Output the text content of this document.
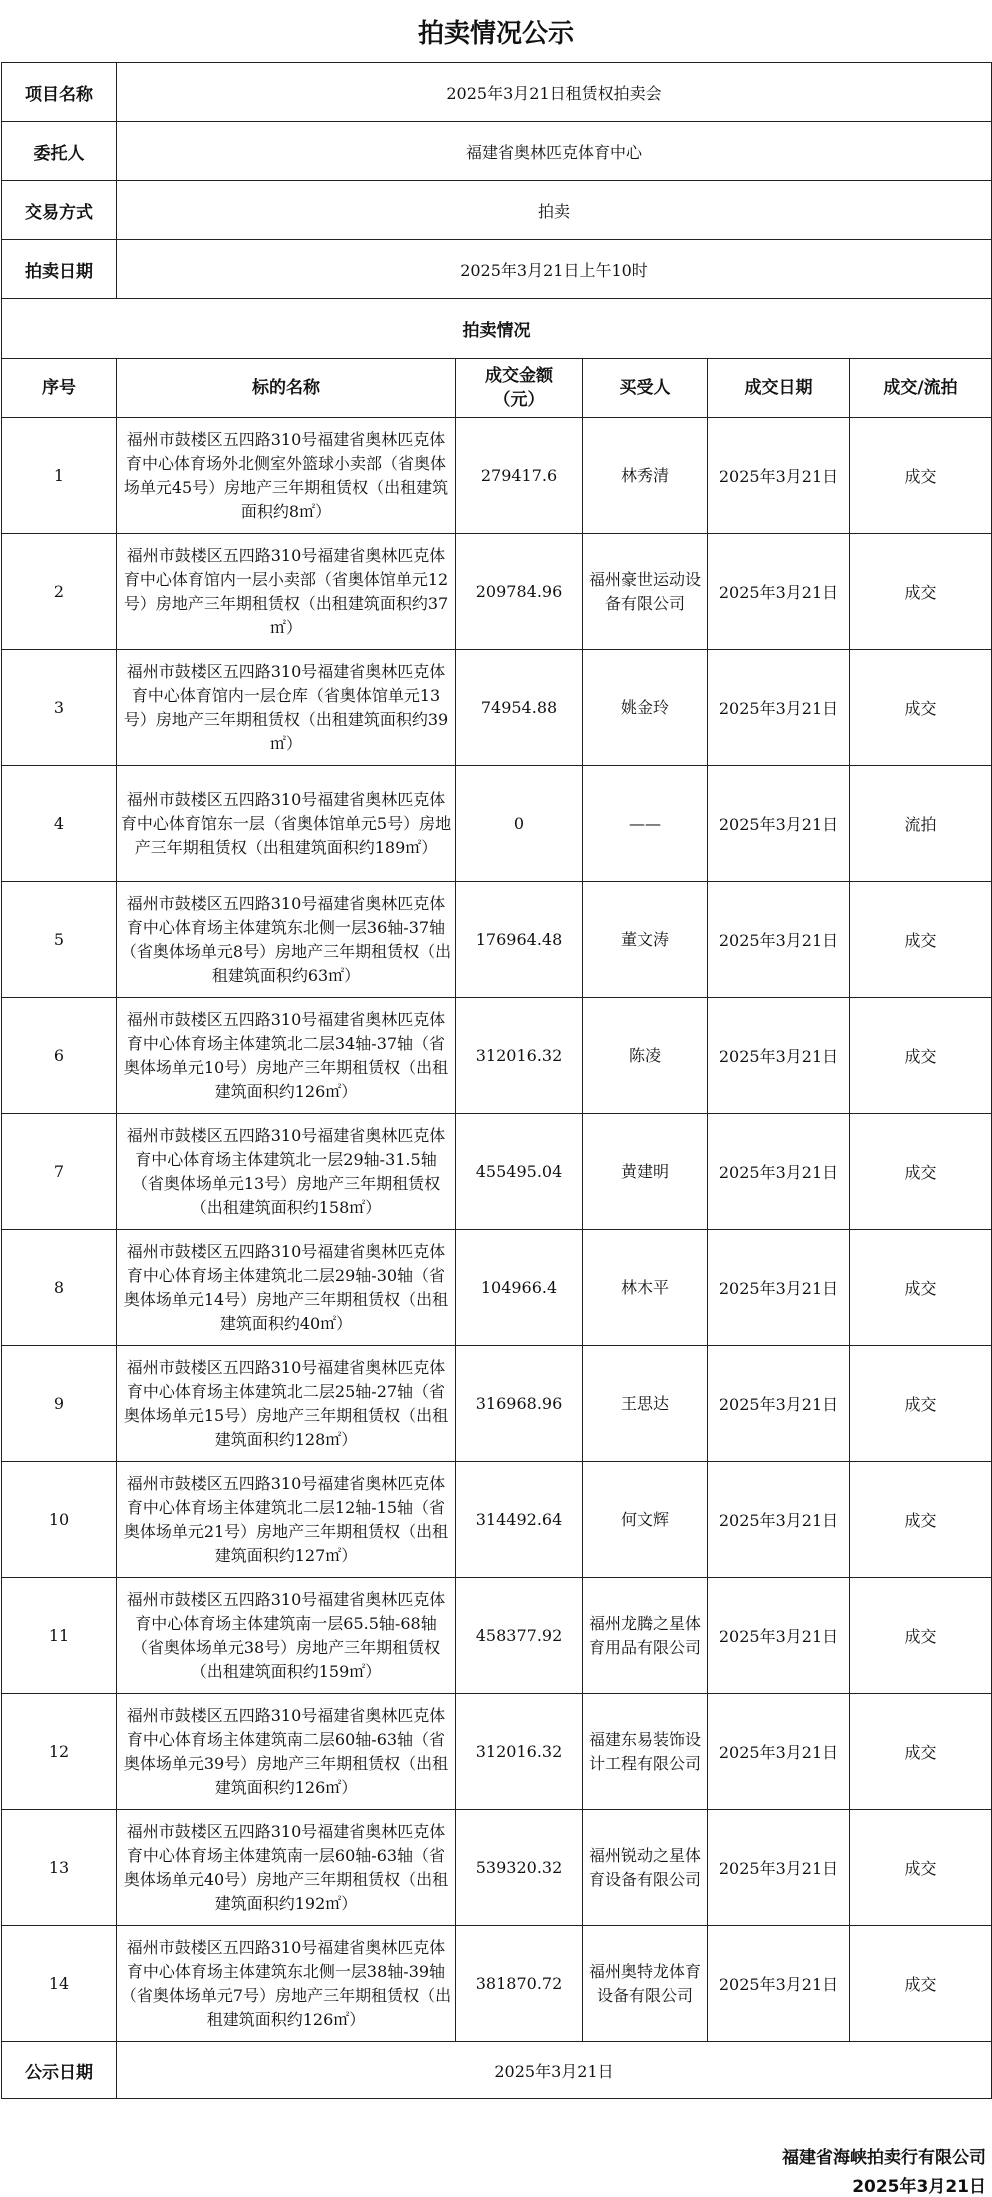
拍卖情况公示
项目名称	2025年3月21日租赁权拍卖会				
委托人	福建省奥林匹克体育中心				
交易方式	拍卖				
拍卖日期	2025年3月21日上午10时				
拍卖情况					
序号	标的名称	成交金额（元）	买受人	成交日期	成交/流拍
1	福州市鼓楼区五四路310号福建省奥林匹克体育中心体育场外北侧室外篮球小卖部（省奥体场单元45号）房地产三年期租赁权（出租建筑面积约8㎡）	279417.6	林秀清	2025年3月21日	成交
2	福州市鼓楼区五四路310号福建省奥林匹克体育中心体育馆内一层小卖部（省奥体馆单元12号）房地产三年期租赁权（出租建筑面积约37㎡）	209784.96	福州豪世运动设备有限公司	2025年3月21日	成交
3	福州市鼓楼区五四路310号福建省奥林匹克体育中心体育馆内一层仓库（省奥体馆单元13号）房地产三年期租赁权（出租建筑面积约39㎡）	74954.88	姚金玲	2025年3月21日	成交
4	福州市鼓楼区五四路310号福建省奥林匹克体育中心体育馆东一层（省奥体馆单元5号）房地产三年期租赁权（出租建筑面积约189㎡）	0	——	2025年3月21日	流拍
5	福州市鼓楼区五四路310号福建省奥林匹克体育中心体育场主体建筑东北侧一层36轴-37轴（省奥体场单元8号）房地产三年期租赁权（出租建筑面积约63㎡）	176964.48	董文涛	2025年3月21日	成交
6	福州市鼓楼区五四路310号福建省奥林匹克体育中心体育场主体建筑北二层34轴-37轴（省奥体场单元10号）房地产三年期租赁权（出租建筑面积约126㎡）	312016.32	陈凌	2025年3月21日	成交
7	福州市鼓楼区五四路310号福建省奥林匹克体育中心体育场主体建筑北一层29轴-31.5轴（省奥体场单元13号）房地产三年期租赁权（出租建筑面积约158㎡）	455495.04	黄建明	2025年3月21日	成交
8	福州市鼓楼区五四路310号福建省奥林匹克体育中心体育场主体建筑北二层29轴-30轴（省奥体场单元14号）房地产三年期租赁权（出租建筑面积约40㎡）	104966.4	林木平	2025年3月21日	成交
9	福州市鼓楼区五四路310号福建省奥林匹克体育中心体育场主体建筑北二层25轴-27轴（省奥体场单元15号）房地产三年期租赁权（出租建筑面积约128㎡）	316968.96	王思达	2025年3月21日	成交
10	福州市鼓楼区五四路310号福建省奥林匹克体育中心体育场主体建筑北二层12轴-15轴（省奥体场单元21号）房地产三年期租赁权（出租建筑面积约127㎡）	314492.64	何文辉	2025年3月21日	成交
11	福州市鼓楼区五四路310号福建省奥林匹克体育中心体育场主体建筑南一层65.5轴-68轴（省奥体场单元38号）房地产三年期租赁权（出租建筑面积约159㎡）	458377.92	福州龙腾之星体育用品有限公司	2025年3月21日	成交
12	福州市鼓楼区五四路310号福建省奥林匹克体育中心体育场主体建筑南二层60轴-63轴（省奥体场单元39号）房地产三年期租赁权（出租建筑面积约126㎡）	312016.32	福建东易装饰设计工程有限公司	2025年3月21日	成交
13	福州市鼓楼区五四路310号福建省奥林匹克体育中心体育场主体建筑南一层60轴-63轴（省奥体场单元40号）房地产三年期租赁权（出租建筑面积约192㎡）	539320.32	福州锐动之星体育设备有限公司	2025年3月21日	成交
14	福州市鼓楼区五四路310号福建省奥林匹克体育中心体育场主体建筑东北侧一层38轴-39轴（省奥体场单元7号）房地产三年期租赁权（出租建筑面积约126㎡）	381870.72	福州奥特龙体育设备有限公司	2025年3月21日	成交
公示日期	2025年3月21日				
福建省海峡拍卖行有限公司
2025年3月21日
